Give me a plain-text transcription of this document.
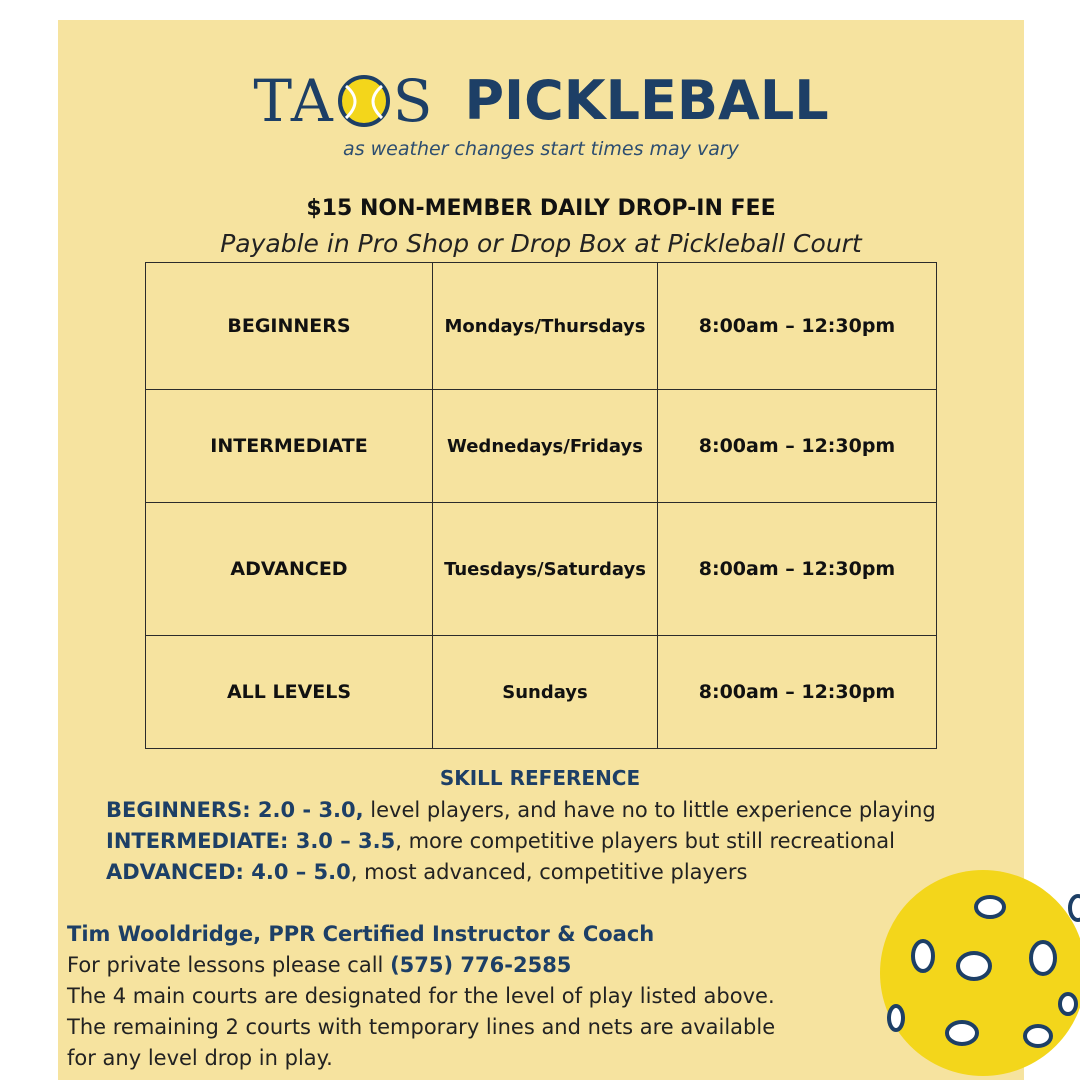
TA S PICKLEBALL
as weather changes start times may vary
$15 NON-MEMBER DAILY DROP-IN FEE
Payable in Pro Shop or Drop Box at Pickleball Court
BEGINNERS	Mondays/Thursdays	8:00am – 12:30pm
INTERMEDIATE	Wednedays/Fridays	8:00am – 12:30pm
ADVANCED	Tuesdays/Saturdays	8:00am – 12:30pm
ALL LEVELS	Sundays	8:00am – 12:30pm
SKILL REFERENCE
BEGINNERS: 2.0 - 3.0, level players, and have no to little experience playing
INTERMEDIATE: 3.0 – 3.5, more competitive players but still recreational
ADVANCED: 4.0 – 5.0, most advanced, competitive players
Tim Wooldridge, PPR Certified Instructor & Coach
For private lessons please call (575) 776-2585
The 4 main courts are designated for the level of play listed above.
The remaining 2 courts with temporary lines and nets are available
for any level drop in play.
